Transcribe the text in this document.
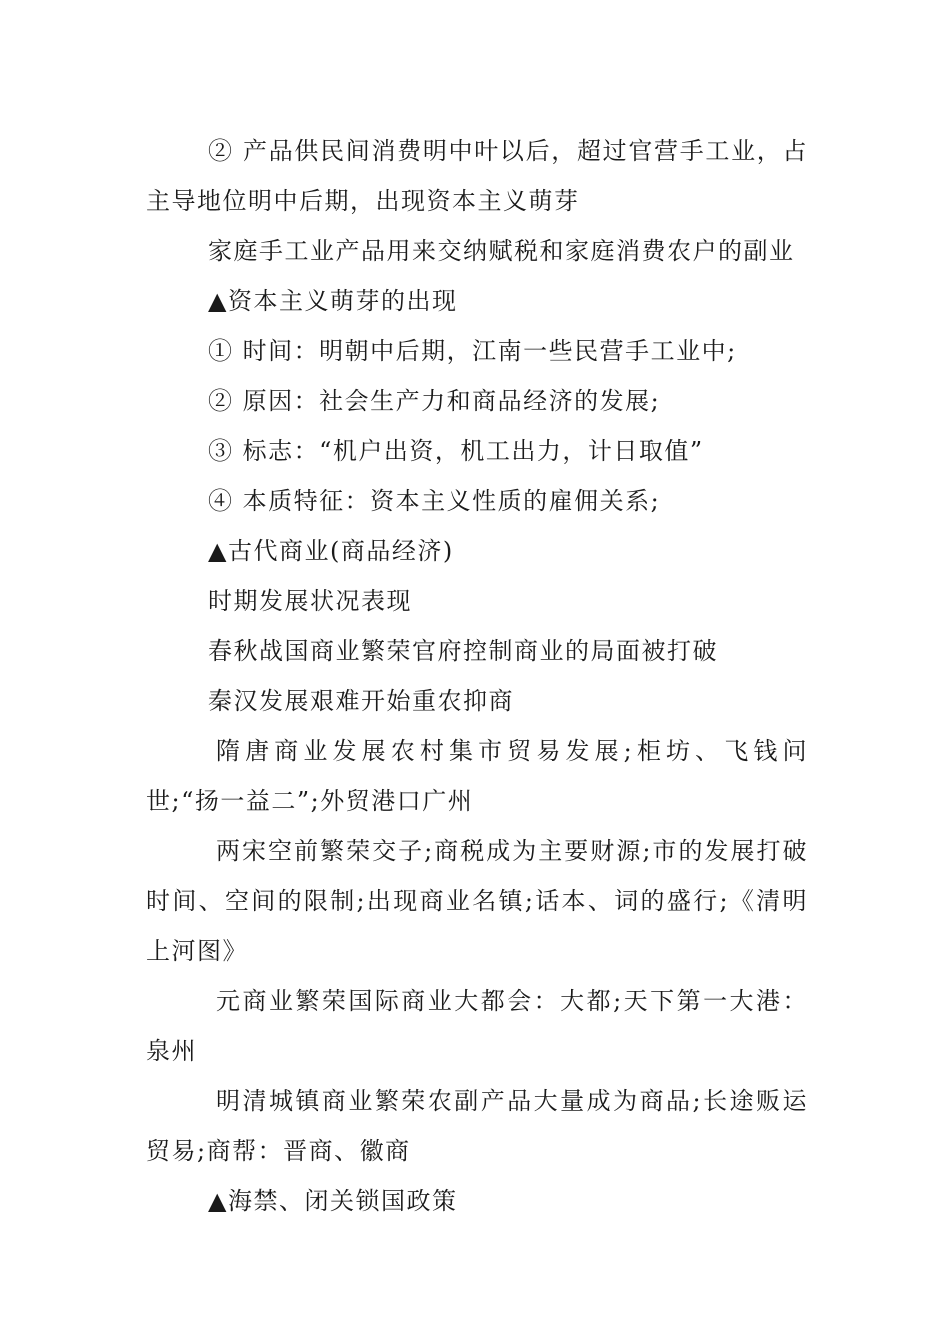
② 产品供民间消费明中叶以后，超过官营手工业，占主导地位明中后期，出现资本主义萌芽

家庭手工业产品用来交纳赋税和家庭消费农户的副业

▲资本主义萌芽的出现

① 时间：明朝中后期，江南一些民营手工业中;

② 原因：社会生产力和商品经济的发展;

③ 标志：“机户出资，机工出力，计日取值”

④ 本质特征：资本主义性质的雇佣关系;

▲古代商业(商品经济)

时期发展状况表现

春秋战国商业繁荣官府控制商业的局面被打破

秦汉发展艰难开始重农抑商

隋唐商业发展农村集市贸易发展;柜坊、飞钱问世;“扬一益二”;外贸港口广州

两宋空前繁荣交子;商税成为主要财源;市的发展打破时间、空间的限制;出现商业名镇;话本、词的盛行;《清明上河图》

元商业繁荣国际商业大都会：大都;天下第一大港：泉州

明清城镇商业繁荣农副产品大量成为商品;长途贩运贸易;商帮：晋商、徽商

▲海禁、闭关锁国政策
